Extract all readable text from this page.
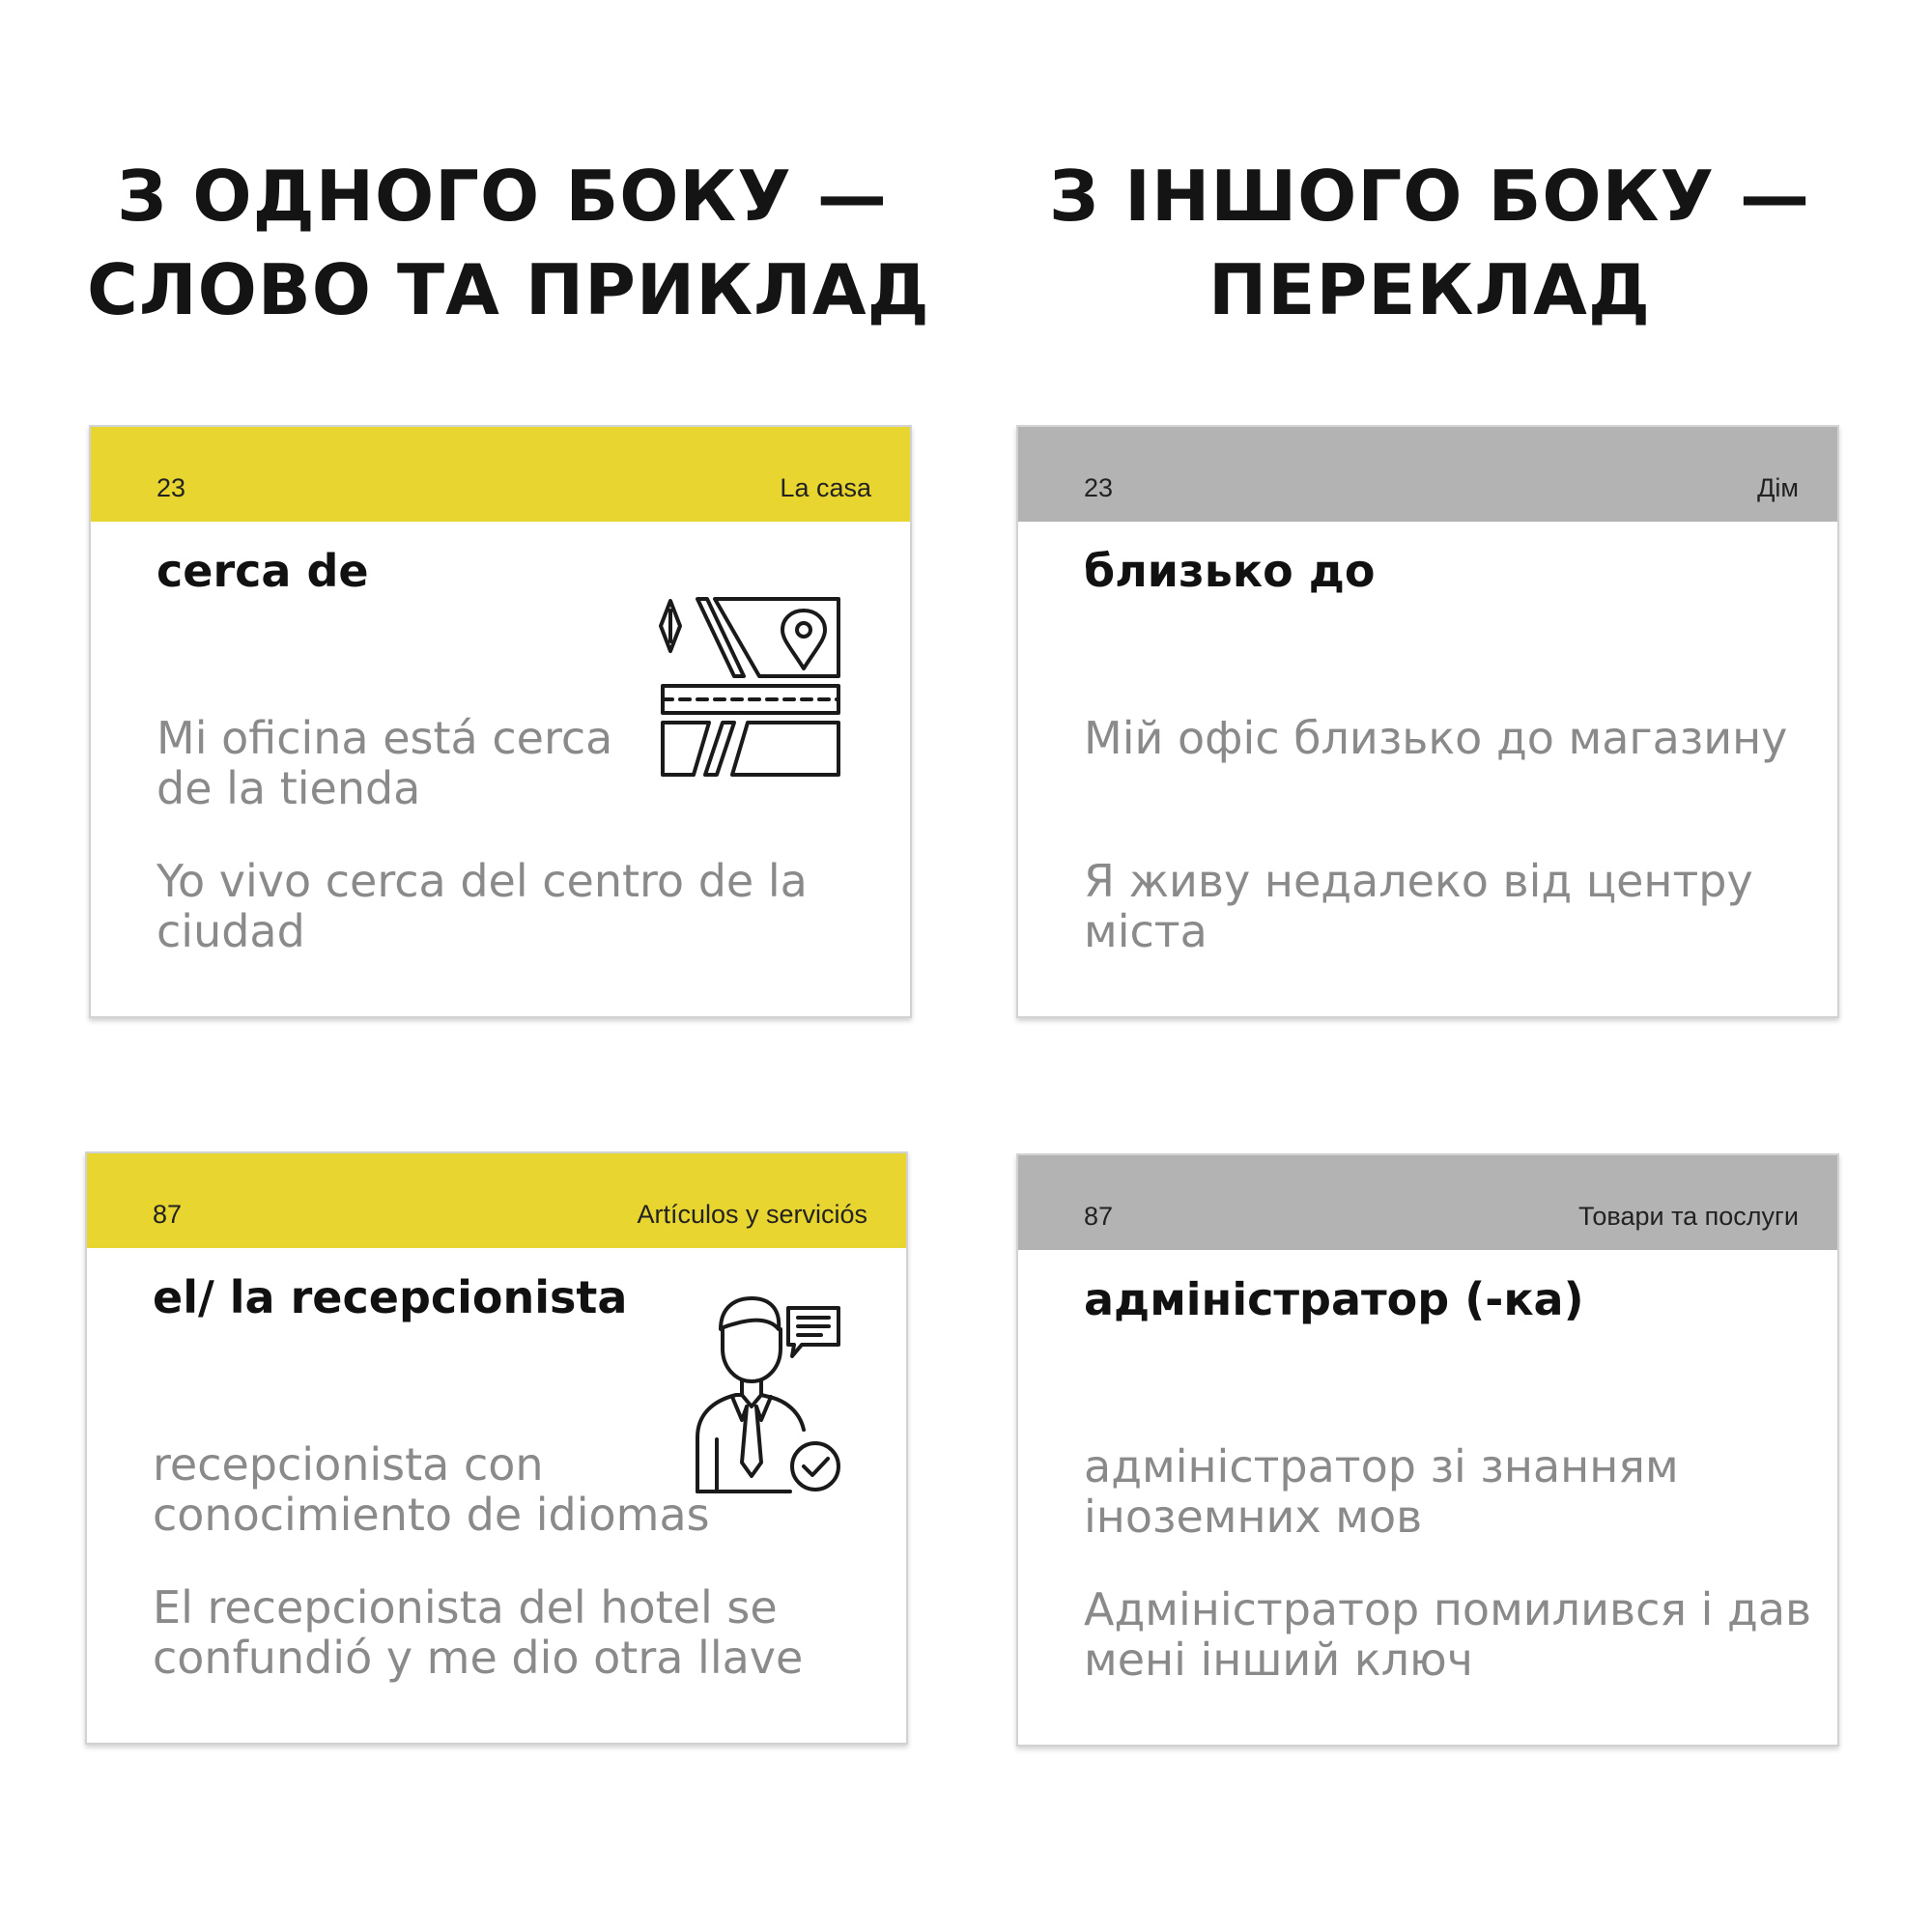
З ОДНОГО БОКУ —
СЛОВО ТА ПРИКЛАД
З ІНШОГО БОКУ —
ПЕРЕКЛАД
23	La casa
cerca de

Mi oficina está cerca de la tienda

Yo vivo cerca del centro de la ciudad

23	Дім
близько до

Мій офіс близько до магазину

Я живу недалеко від центру міста

87	Artículos y serviciós
el/ la recepcionista

recepcionista con conocimiento de idiomas

El recepcionista del hotel se confundió y me dio otra llave

87	Товари та послуги
адміністратор (-ка)

адміністратор зі знанням іноземних мов

Адміністратор помилився і дав мені інший ключ
